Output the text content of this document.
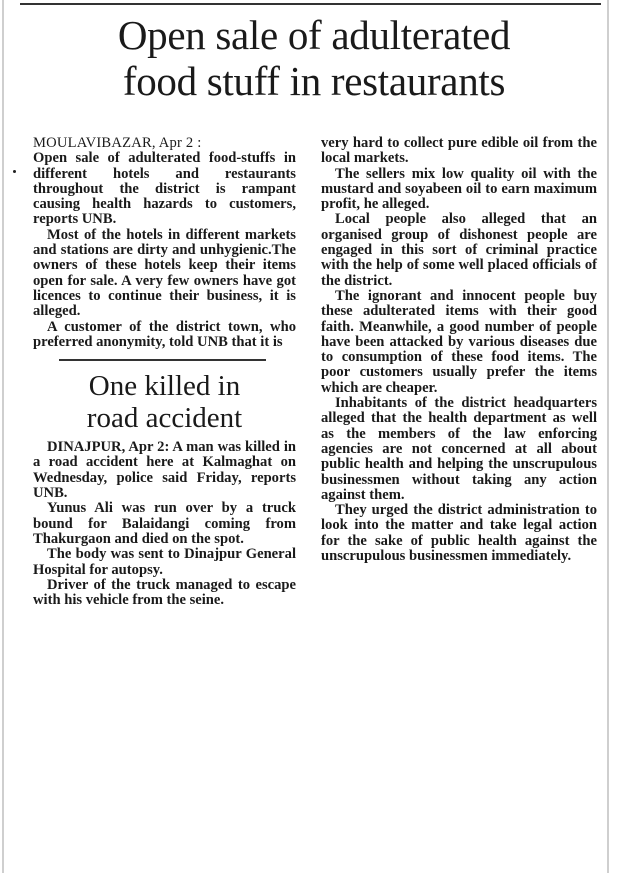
Open sale of adulterated
food stuff in restaurants

MOULAVIBAZAR, Apr 2 :

Open sale of adulterated food-stuffs in different hotels and restaurants throughout the district is rampant causing health hazards to customers, reports UNB.

Most of the hotels in different markets and stations are dirty and unhygienic.The owners of these hotels keep their items open for sale. A very few owners have got licences to continue their business, it is alleged.

A customer of the district town, who preferred anonymity, told UNB that it is

One killed in
road accident

DINAJPUR, Apr 2: A man was killed in a road accident here at Kalmaghat on Wednesday, police said Friday, reports UNB.

Yunus Ali was run over by a truck bound for Balaidangi coming from Thakurgaon and died on the spot.

The body was sent to Dinajpur General Hospital for autopsy.

Driver of the truck managed to escape with his vehicle from the seine.

very hard to collect pure edible oil from the local markets.

The sellers mix low quality oil with the mustard and soyabeen oil to earn maximum profit, he alleged.

Local people also alleged that an organised group of dishonest people are engaged in this sort of criminal practice with the help of some well placed officials of the district.

The ignorant and innocent people buy these adulterated items with their good faith. Meanwhile, a good number of people have been attacked by various diseases due to consumption of these food items. The poor customers usually prefer the items which are cheaper.

Inhabitants of the district headquarters alleged that the health department as well as the members of the law enforcing agencies are not concerned at all about public health and helping the unscrupulous businessmen without taking any action against them.

They urged the district administration to look into the matter and take legal action for the sake of public health against the unscrupulous businessmen immediately.
